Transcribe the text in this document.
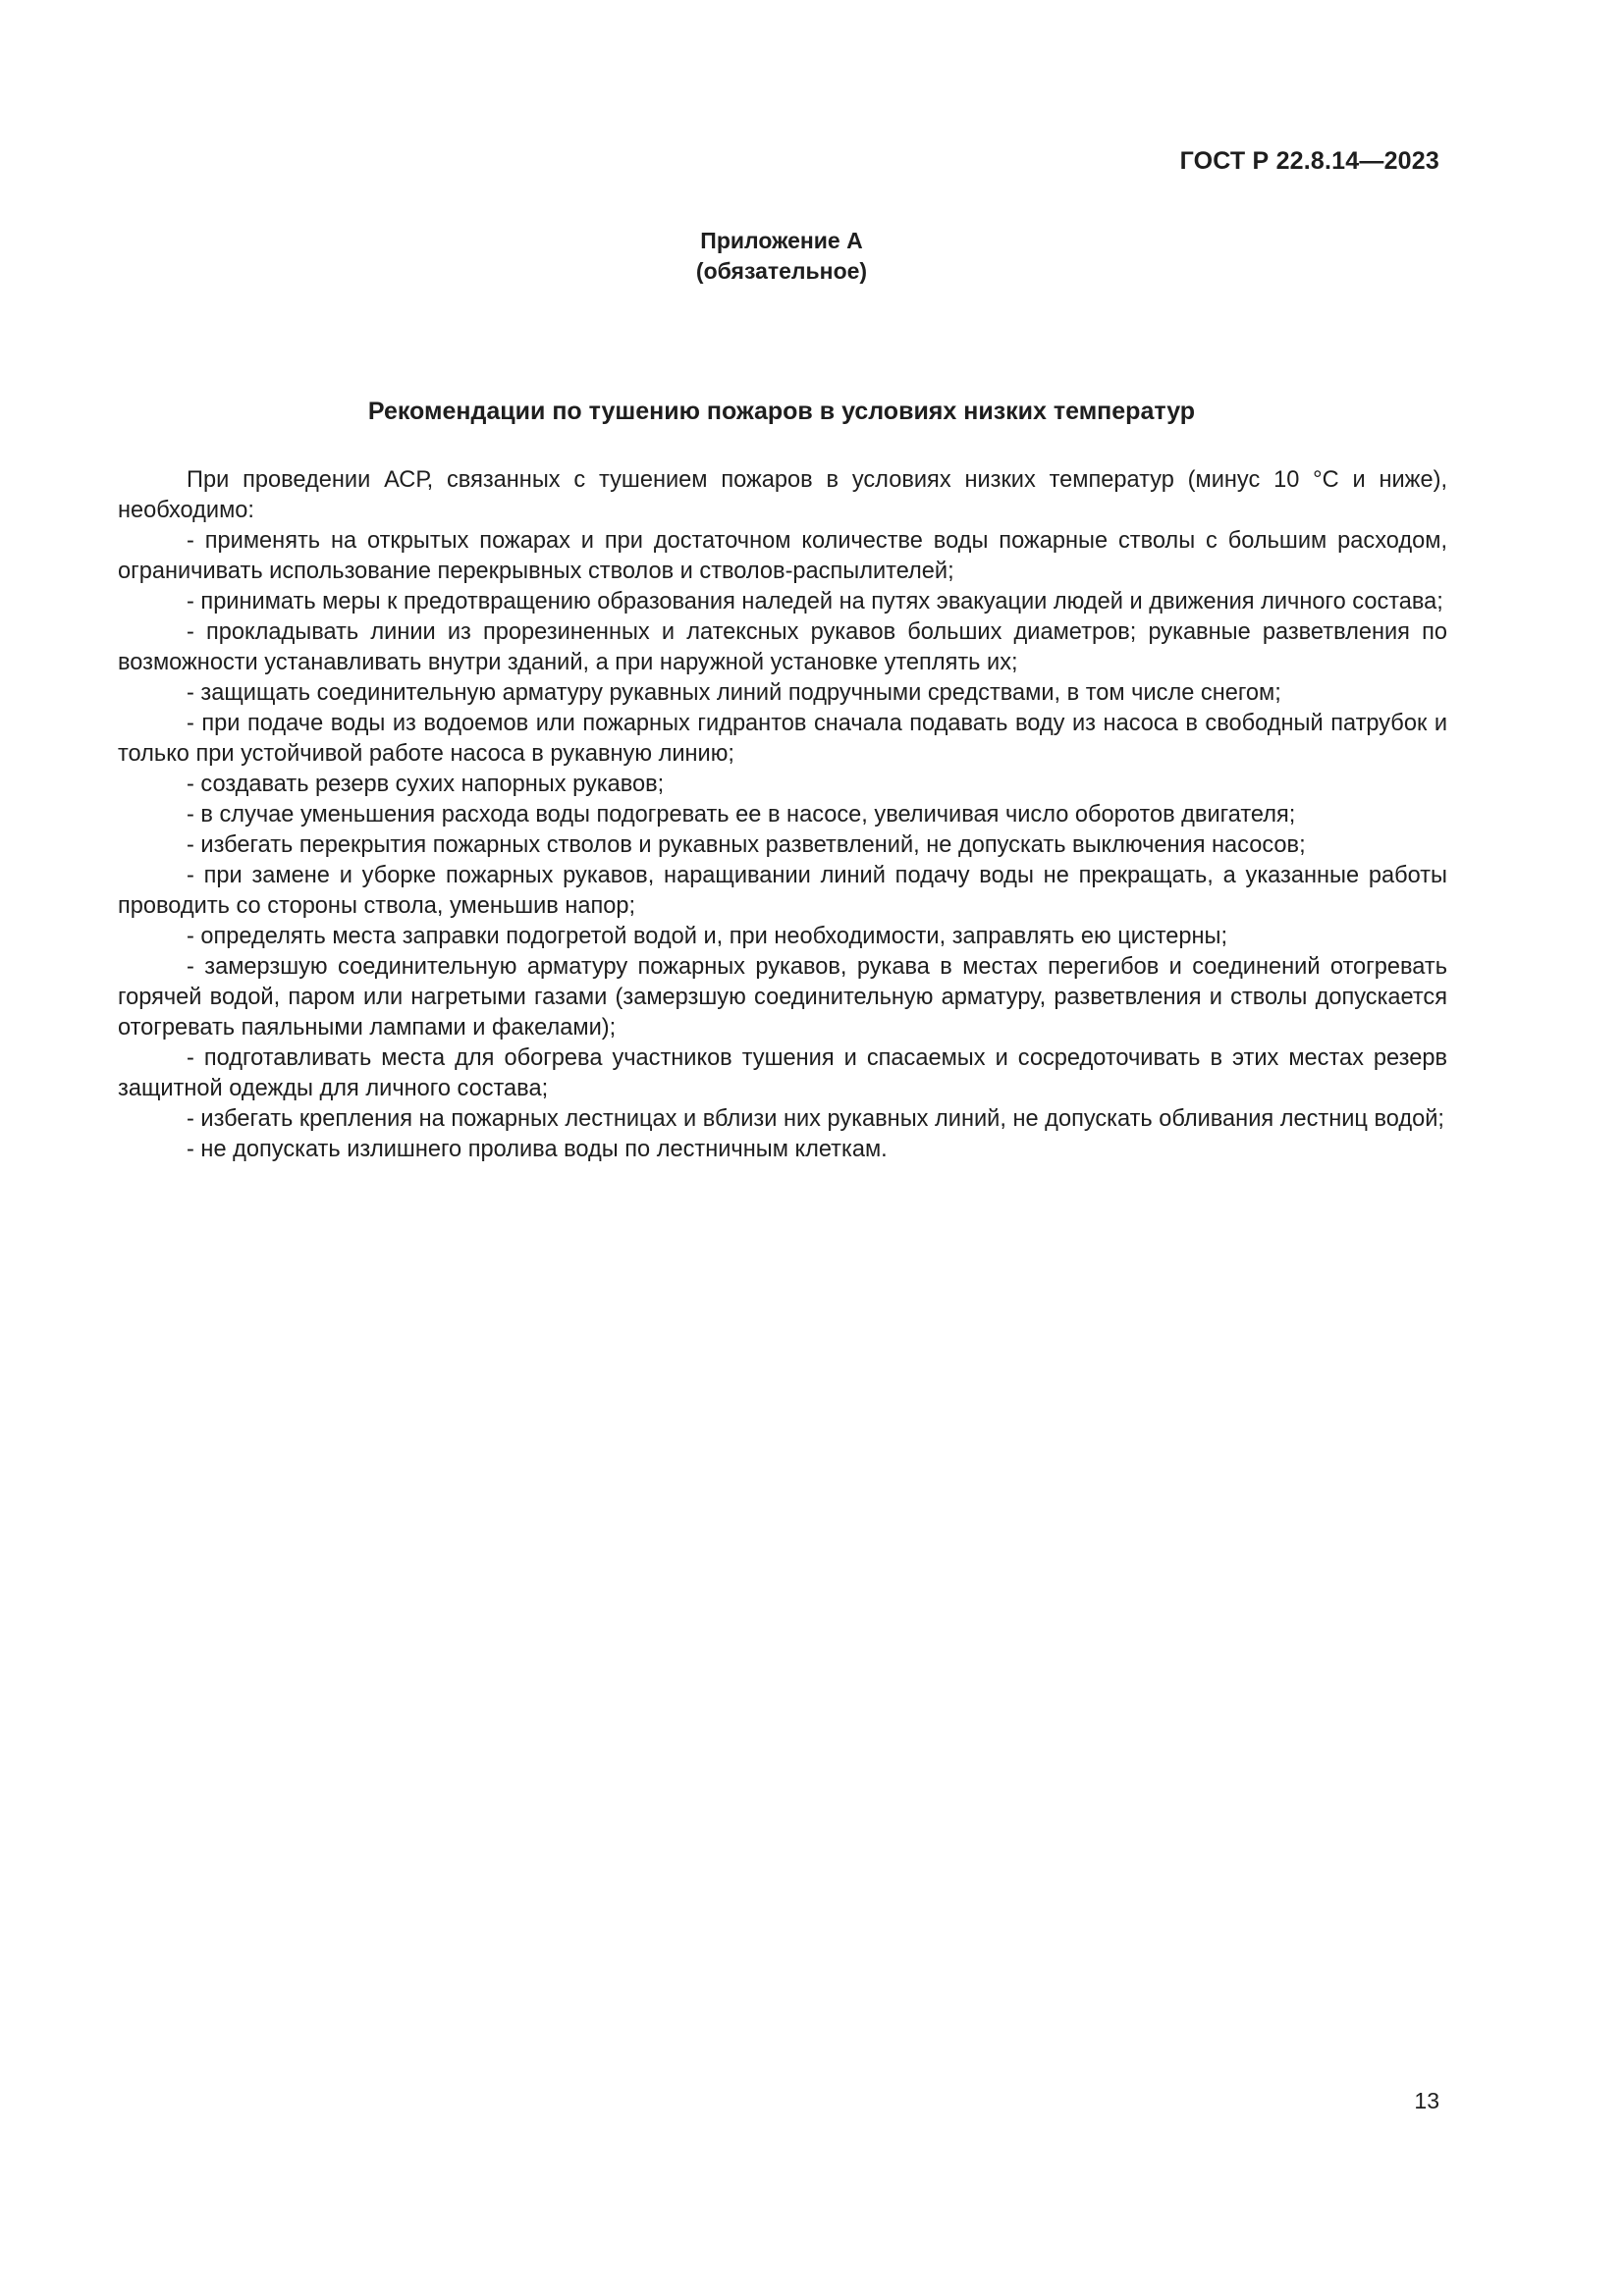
ГОСТ Р 22.8.14—2023
Приложение А
(обязательное)
Рекомендации по тушению пожаров в условиях низких температур

При проведении АСР, связанных с тушением пожаров в условиях низких температур (минус 10 °С и ниже), необходимо:

- применять на открытых пожарах и при достаточном количестве воды пожарные стволы с большим расходом, ограничивать использование перекрывных стволов и стволов-распылителей;

- принимать меры к предотвращению образования наледей на путях эвакуации людей и движения личного состава;

- прокладывать линии из прорезиненных и латексных рукавов больших диаметров; рукавные разветвления по возможности устанавливать внутри зданий, а при наружной установке утеплять их;

- защищать соединительную арматуру рукавных линий подручными средствами, в том числе снегом;

- при подаче воды из водоемов или пожарных гидрантов сначала подавать воду из насоса в свободный патрубок и только при устойчивой работе насоса в рукавную линию;

- создавать резерв сухих напорных рукавов;

- в случае уменьшения расхода воды подогревать ее в насосе, увеличивая число оборотов двигателя;

- избегать перекрытия пожарных стволов и рукавных разветвлений, не допускать выключения насосов;

- при замене и уборке пожарных рукавов, наращивании линий подачу воды не прекращать, а указанные работы проводить со стороны ствола, уменьшив напор;

- определять места заправки подогретой водой и, при необходимости, заправлять ею цистерны;

- замерзшую соединительную арматуру пожарных рукавов, рукава в местах перегибов и соединений отогревать горячей водой, паром или нагретыми газами (замерзшую соединительную арматуру, разветвления и стволы допускается отогревать паяльными лампами и факелами);

- подготавливать места для обогрева участников тушения и спасаемых и сосредоточивать в этих местах резерв защитной одежды для личного состава;

- избегать крепления на пожарных лестницах и вблизи них рукавных линий, не допускать обливания лестниц водой;

- не допускать излишнего пролива воды по лестничным клеткам.

13
